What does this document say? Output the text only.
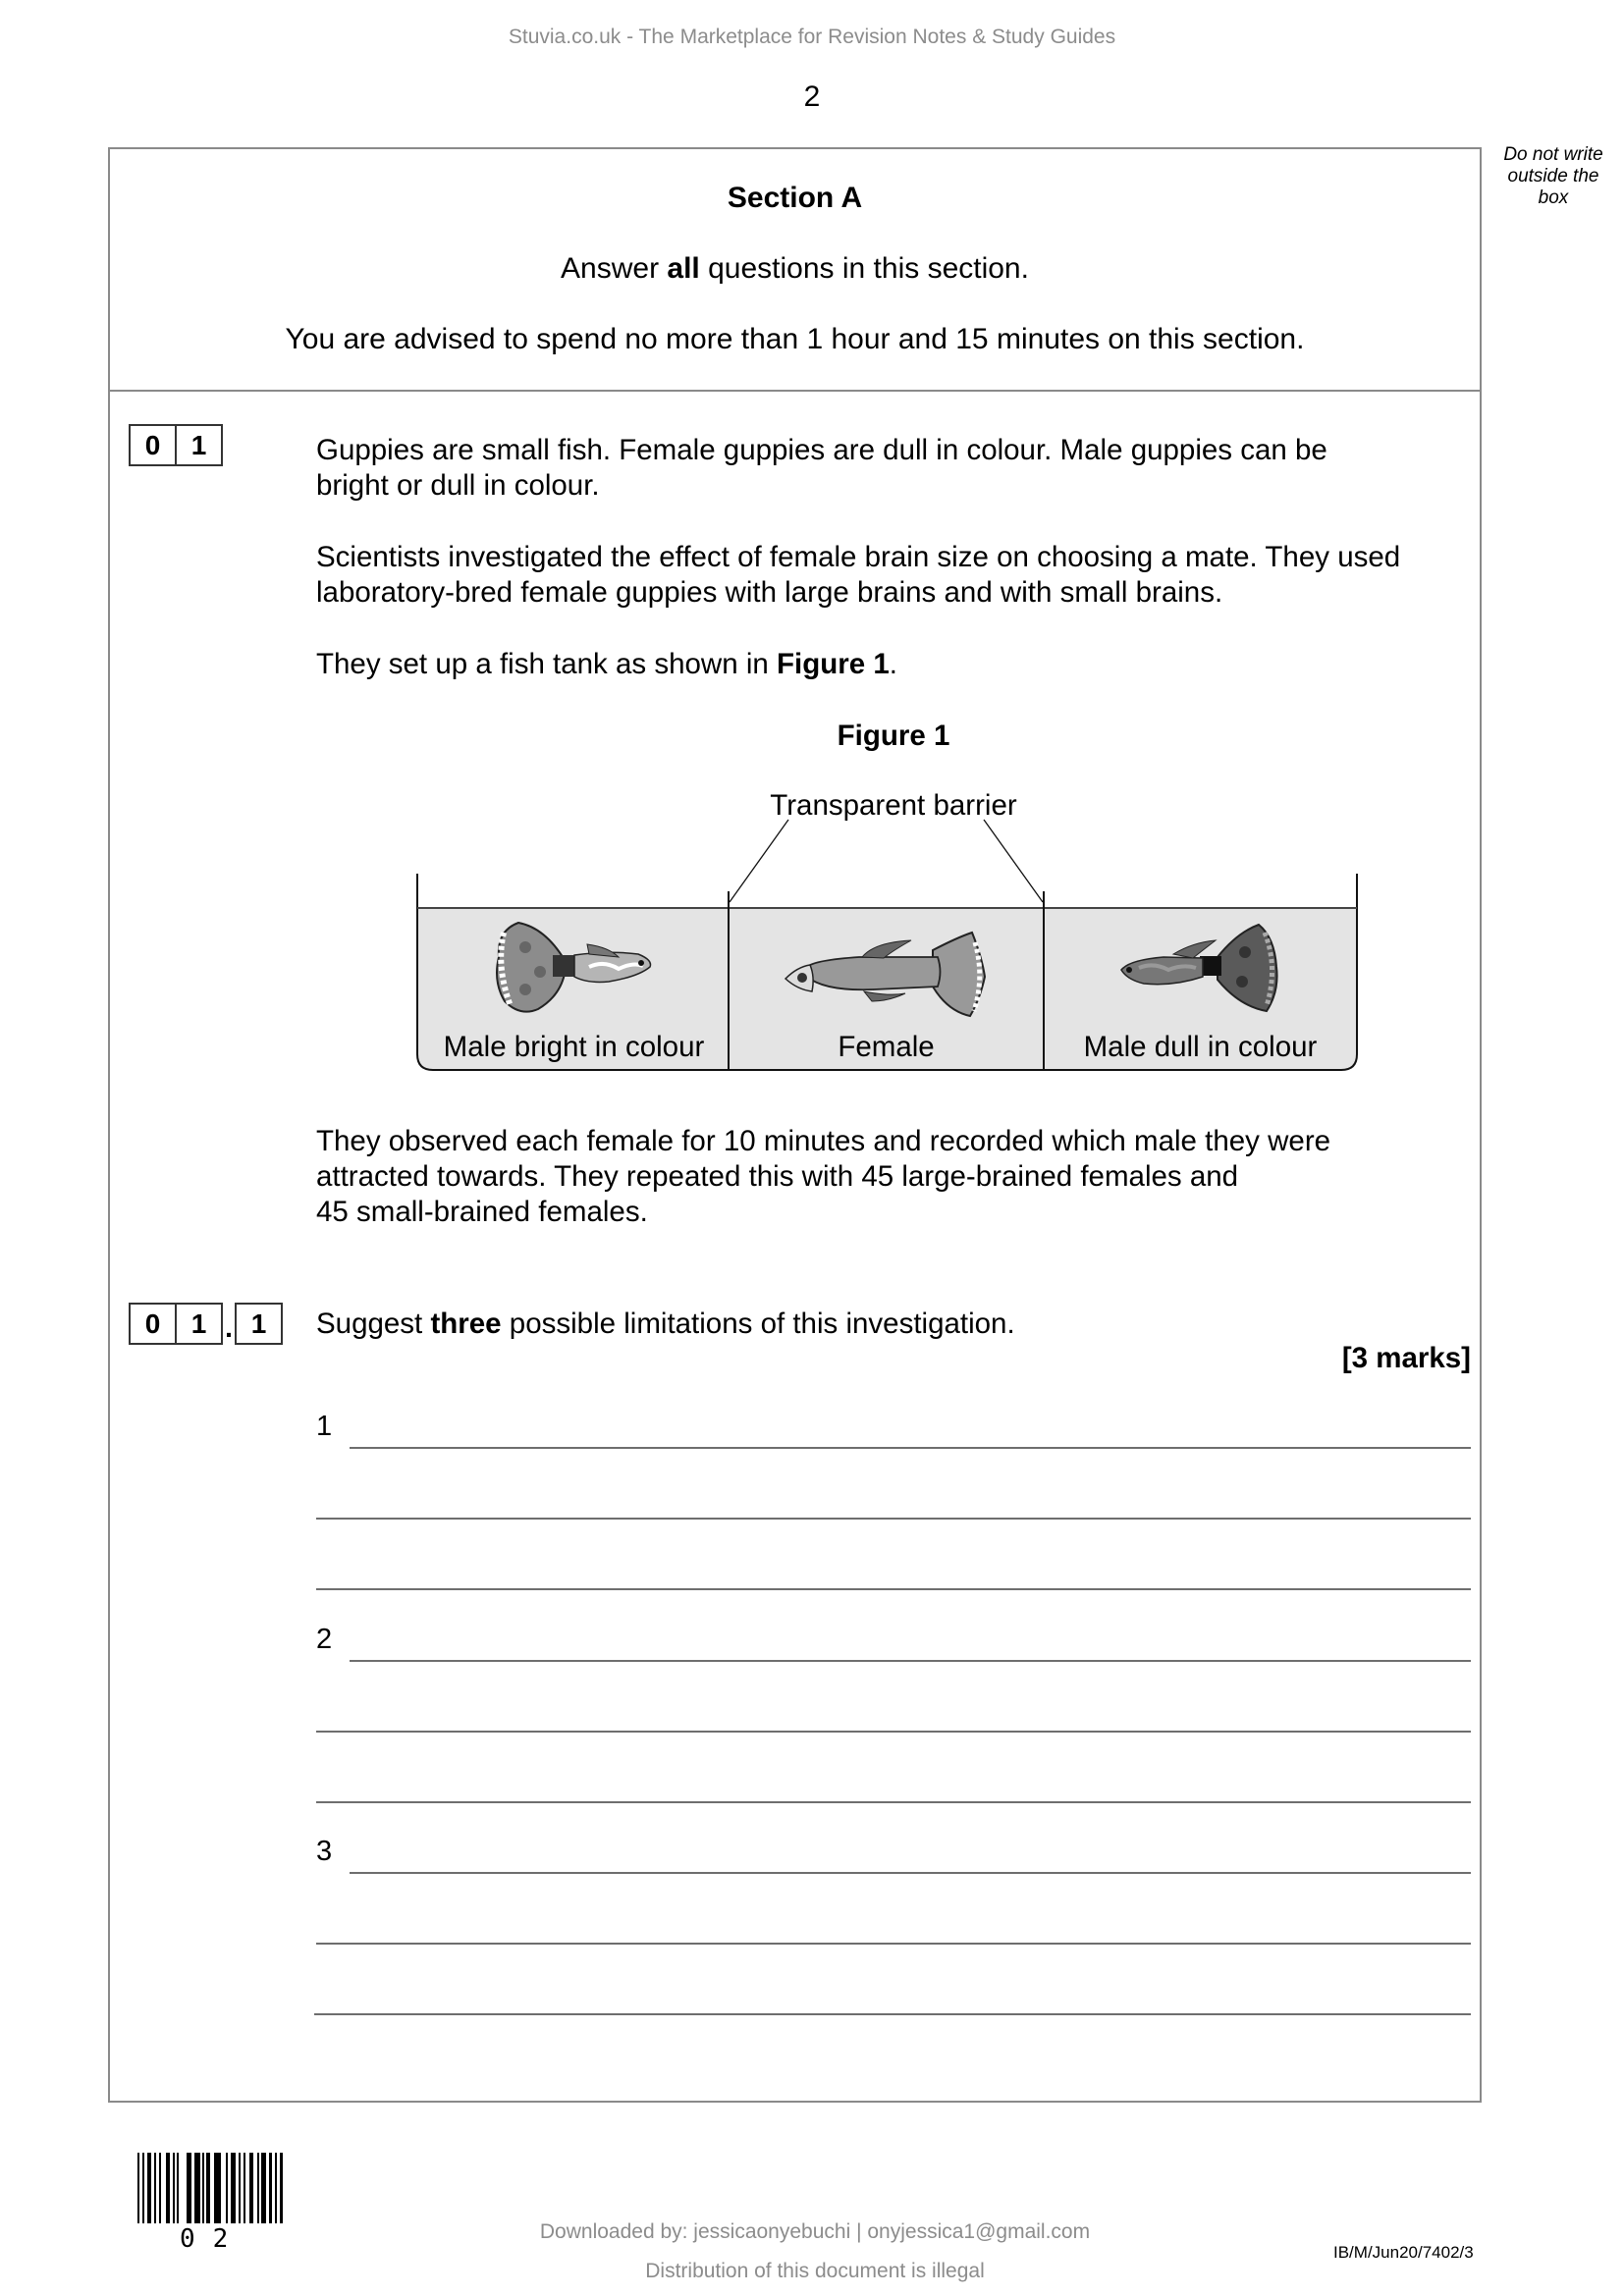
Stuvia.co.uk - The Marketplace for Revision Notes & Study Guides
2
Do not write
outside the
box
Section A
Answer all questions in this section.
You are advised to spend no more than 1 hour and 15 minutes on this section.
0	1	Guppies are small fish. Female guppies are dull in colour. Male guppies can be
bright or dull in colour.
Scientists investigated the effect of female brain size on choosing a mate. They used
laboratory-bred female guppies with large brains and with small brains.
They set up a fish tank as shown in Figure 1.
Figure 1
Transparent barrier
Male bright in colour	Female	Male dull in colour
They observed each female for 10 minutes and recorded which male they were
attracted towards. They repeated this with 45 large-brained females and
45 small-brained females.
0	1 . 1	Suggest three possible limitations of this investigation.
[3 marks]
1
2
3
02	Downloaded by: jessicaonyebuchi | onyjessica1@gmail.com
Distribution of this document is illegal
IB/M/Jun20/7402/3
